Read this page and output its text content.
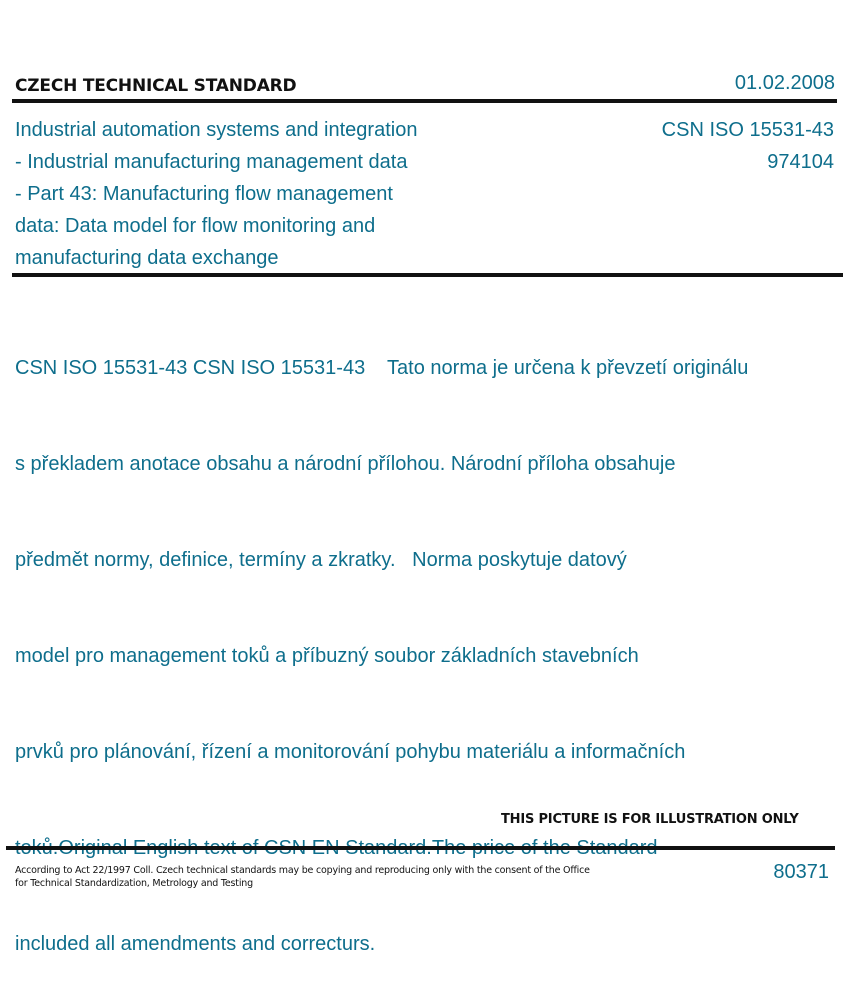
CZECH TECHNICAL STANDARD	01.02.2008
Industrial automation systems and integration
- Industrial manufacturing management data
- Part 43: Manufacturing flow management
data: Data model for flow monitoring and
manufacturing data exchange
CSN ISO 15531-43
974104

CSN ISO 15531-43 CSN ISO 15531-43    Tato norma je určena k převzetí originálu

s překladem anotace obsahu a národní přílohou. Národní příloha obsahuje

předmět normy, definice, termíny a zkratky.   Norma poskytuje datový

model pro management toků a příbuzný soubor základních stavebních

prvků pro plánování, řízení a monitorování pohybu materiálu a informačních

included all amendments and correcturs.

THIS PICTURE IS FOR ILLUSTRATION ONLY
According to Act 22/1997 Coll. Czech technical standards may be copying and reproducing only with the consent of the Office
for Technical Standardization, Metrology and Testing
80371
